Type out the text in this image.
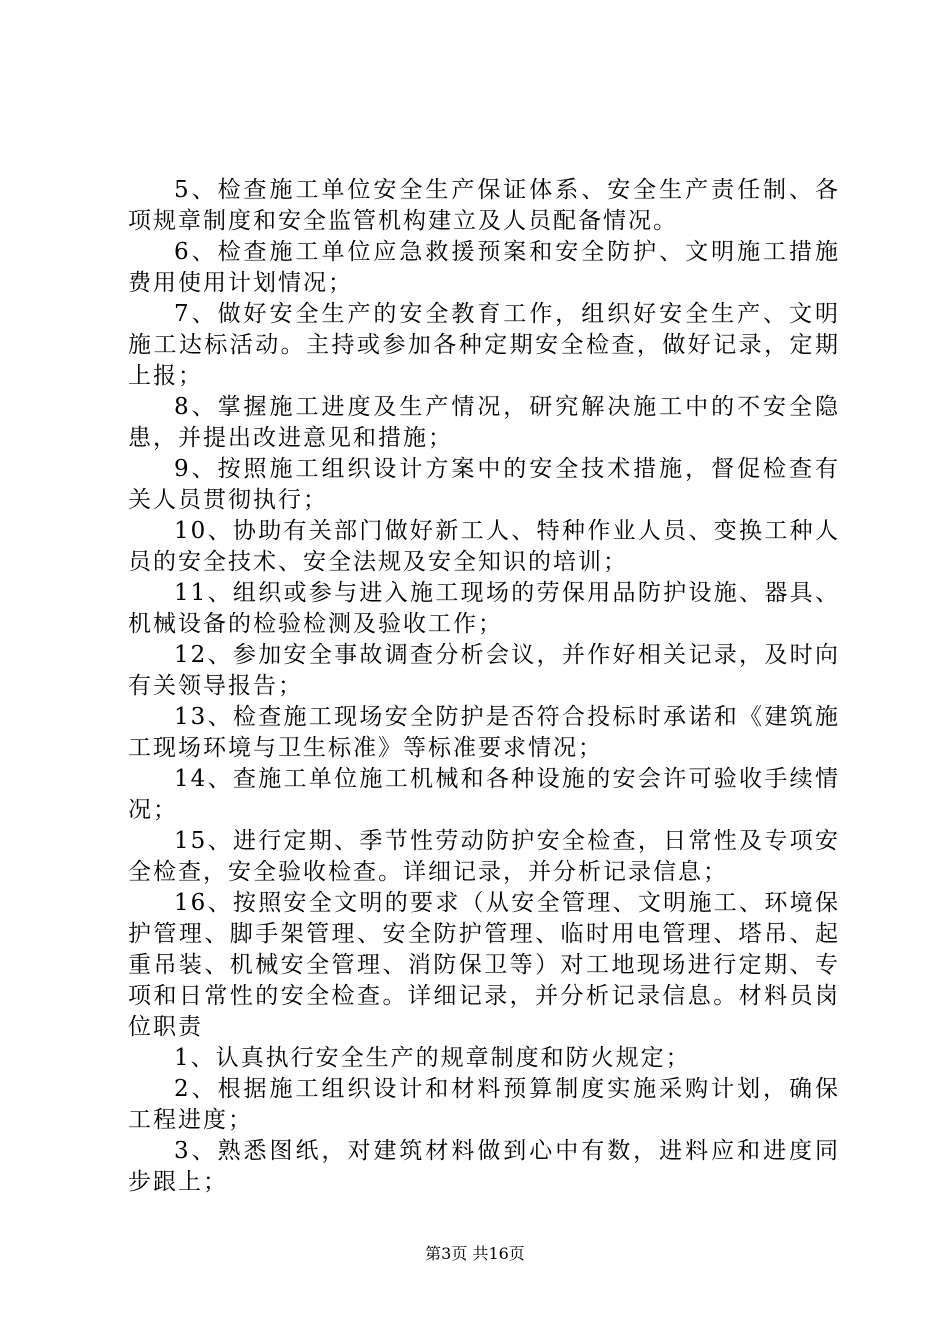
5、检查施工单位安全生产保证体系、安全生产责任制、各项规章制度和安全监管机构建立及人员配备情况。

6、检查施工单位应急救援预案和安全防护、文明施工措施费用使用计划情况；

7、做好安全生产的安全教育工作，组织好安全生产、文明施工达标活动。主持或参加各种定期安全检查，做好记录，定期上报；

8、掌握施工进度及生产情况，研究解决施工中的不安全隐患，并提出改进意见和措施；

9、按照施工组织设计方案中的安全技术措施，督促检查有关人员贯彻执行；

10、协助有关部门做好新工人、特种作业人员、变换工种人员的安全技术、安全法规及安全知识的培训；

11、组织或参与进入施工现场的劳保用品防护设施、器具、机械设备的检验检测及验收工作；

12、参加安全事故调查分析会议，并作好相关记录，及时向有关领导报告；

13、检查施工现场安全防护是否符合投标时承诺和《建筑施工现场环境与卫生标准》等标准要求情况；

14、查施工单位施工机械和各种设施的安会许可验收手续情况；

15、进行定期、季节性劳动防护安全检查，日常性及专项安全检查，安全验收检查。详细记录，并分析记录信息；

16、按照安全文明的要求（从安全管理、文明施工、环境保护管理、脚手架管理、安全防护管理、临时用电管理、塔吊、起重吊装、机械安全管理、消防保卫等）对工地现场进行定期、专项和日常性的安全检查。详细记录，并分析记录信息。材料员岗位职责

1、认真执行安全生产的规章制度和防火规定；

2、根据施工组织设计和材料预算制度实施采购计划，确保工程进度；

3、熟悉图纸，对建筑材料做到心中有数，进料应和进度同步跟上；

第3页 共16页
